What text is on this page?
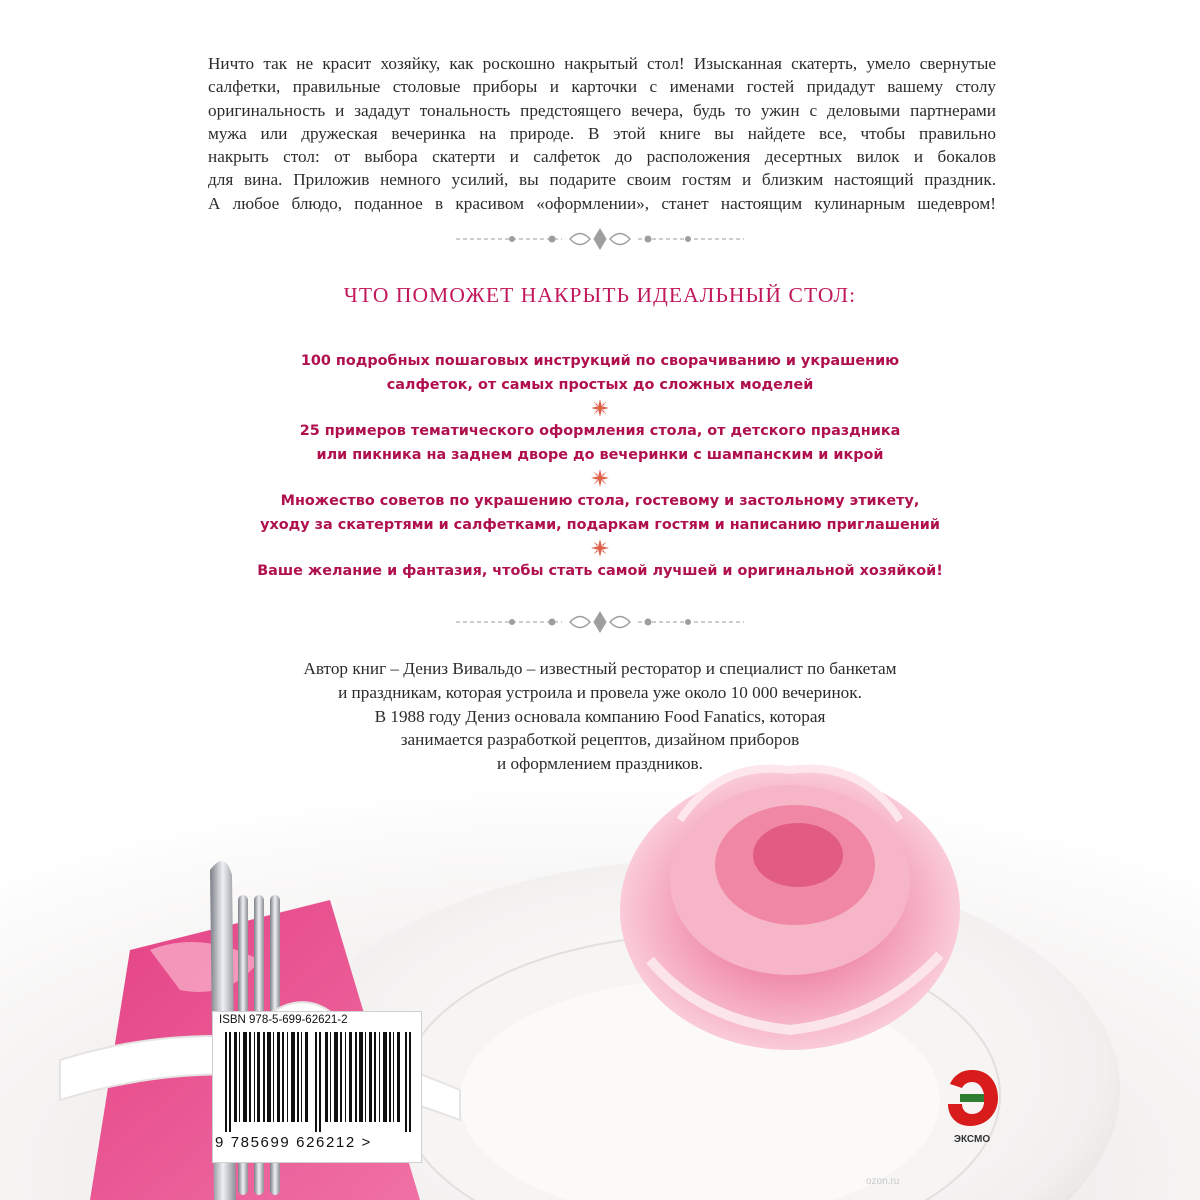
Ничто так не красит хозяйку, как роскошно накрытый стол! Изысканная скатерть, умело свернутые
салфетки, правильные столовые приборы и карточки с именами гостей придадут вашему столу
оригинальность и зададут тональность предстоящего вечера, будь то ужин с деловыми партнерами
мужа или дружеская вечеринка на природе. В этой книге вы найдете все, чтобы правильно
накрыть стол: от выбора скатерти и салфеток до расположения десертных вилок и бокалов
для вина. Приложив немного усилий, вы подарите своим гостям и близким настоящий праздник.
А любое блюдо, поданное в красивом «оформлении», станет настоящим кулинарным шедевром!
ЧТО ПОМОЖЕТ НАКРЫТЬ ИДЕАЛЬНЫЙ СТОЛ:
100 подробных пошаговых инструкций по сворачиванию и украшению
салфеток, от самых простых до сложных моделей
25 примеров тематического оформления стола, от детского праздника
или пикника на заднем дворе до вечеринки с шампанским и икрой
Множество советов по украшению стола, гостевому и застольному этикету,
уходу за скатертями и салфетками, подаркам гостям и написанию приглашений
Ваше желание и фантазия, чтобы стать самой лучшей и оригинальной хозяйкой!
Автор книг – Дениз Вивальдо – известный ресторатор и специалист по банкетам
и праздникам, которая устроила и провела уже около 10 000 вечеринок.
В 1988 году Дениз основала компанию Food Fanatics, которая
занимается разработкой рецептов, дизайном приборов
и оформлением праздников.
ISBN 978-5-699-62621-2
9 785699 626212 >	ЭКСМО
ozon.ru
